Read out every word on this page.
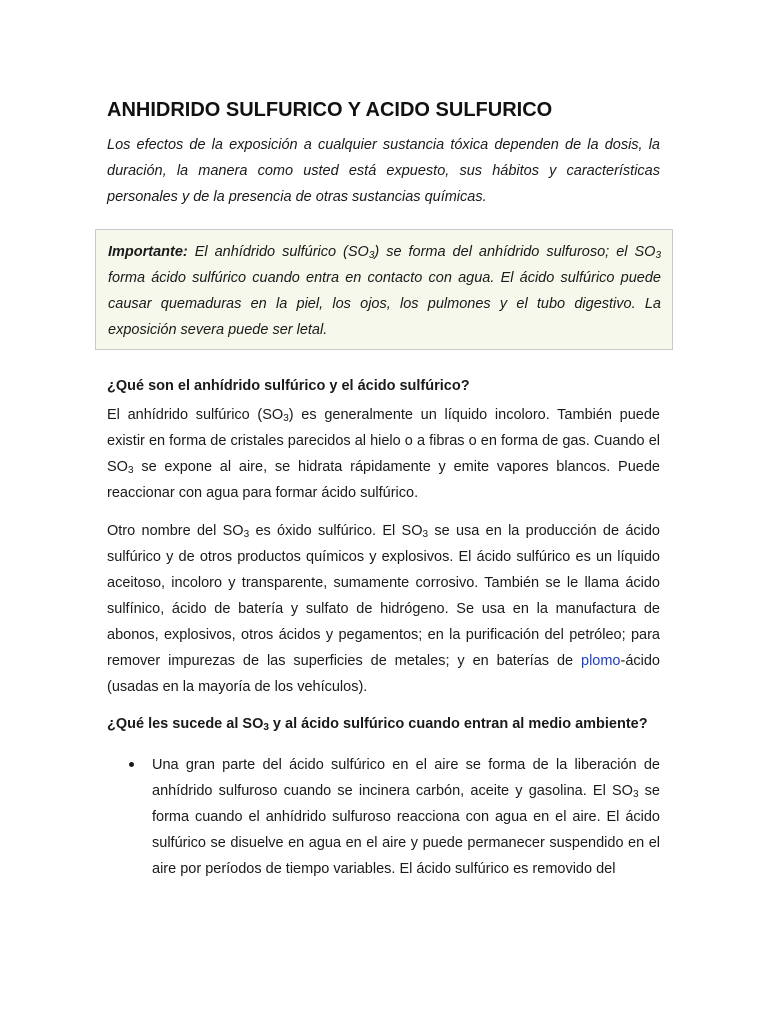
ANHIDRIDO SULFURICO Y ACIDO SULFURICO

Los efectos de la exposición a cualquier sustancia tóxica dependen de la dosis, la duración, la manera como usted está expuesto, sus hábitos y características personales y de la presencia de otras sustancias químicas.

Importante: El anhídrido sulfúrico $(SO_3)$ se forma del anhídrido sulfuroso; el $SO_3$ forma ácido sulfúrico cuando entra en contacto con agua. El ácido sulfúrico puede causar quemaduras en la piel, los ojos, los pulmones y el tubo digestivo. La exposición severa puede ser letal.

¿Qué son el anhídrido sulfúrico y el ácido sulfúrico?

El anhídrido sulfúrico $(SO_3)$ es generalmente un líquido incoloro. También puede existir en forma de cristales parecidos al hielo o a fibras o en forma de gas. Cuando el $SO_3$ se expone al aire, se hidrata rápidamente y emite vapores blancos. Puede reaccionar con agua para formar ácido sulfúrico.

Otro nombre del $SO_3$ es óxido sulfúrico. El $SO_3$ se usa en la producción de ácido sulfúrico y de otros productos químicos y explosivos. El ácido sulfúrico es un líquido aceitoso, incoloro y transparente, sumamente corrosivo. También se le llama ácido sulfínico, ácido de batería y sulfato de hidrógeno. Se usa en la manufactura de abonos, explosivos, otros ácidos y pegamentos; en la purificación del petróleo; para remover impurezas de las superficies de metales; y en baterías de plomo-ácido (usadas en la mayoría de los vehículos).

¿Qué les sucede al $SO_3$ y al ácido sulfúrico cuando entran al medio ambiente?
Una gran parte del ácido sulfúrico en el aire se forma de la liberación de anhídrido sulfuroso cuando se incinera carbón, aceite y gasolina. El $SO_3$ se forma cuando el anhídrido sulfuroso reacciona con agua en el aire. El ácido sulfúrico se disuelve en agua en el aire y puede permanecer suspendido en el aire por períodos de tiempo variables. El ácido sulfúrico es removido del
